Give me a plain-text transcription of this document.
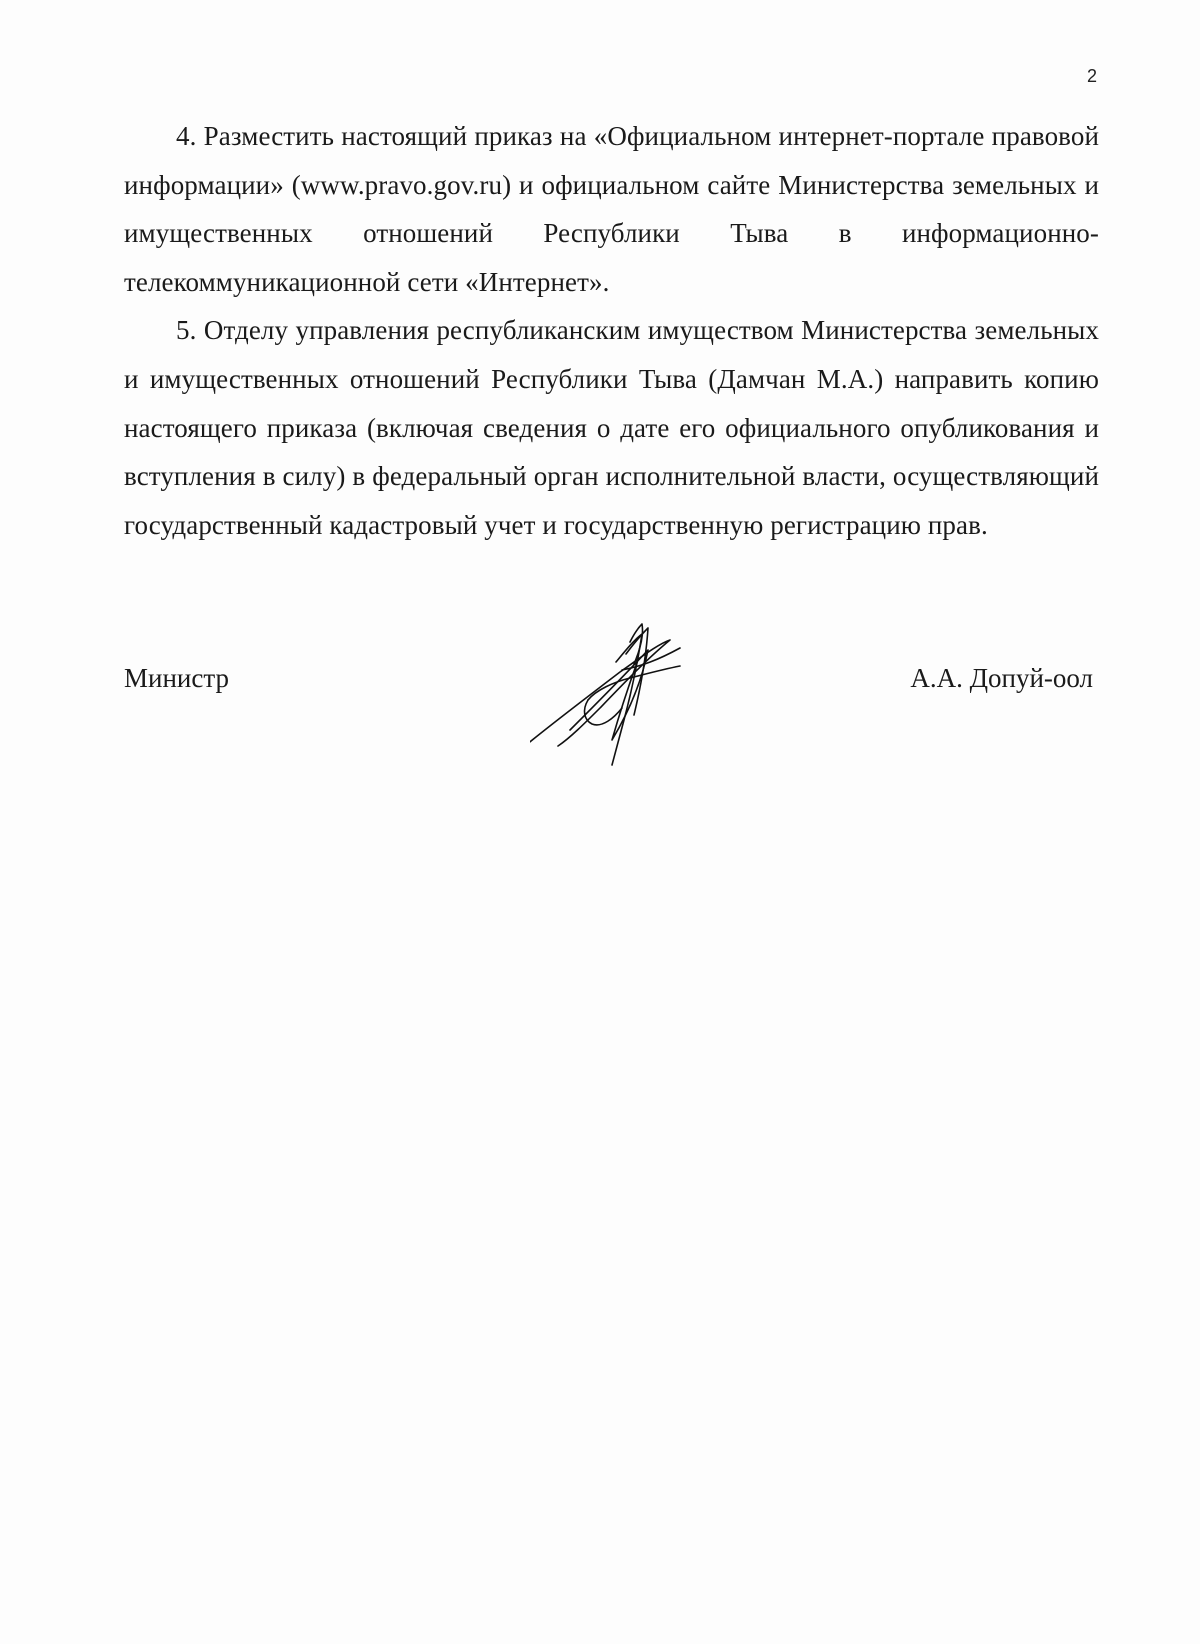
2

4. Разместить настоящий приказ на «Официальном интернет-портале правовой информации» (www.pravo.gov.ru) и официальном сайте Министерства земельных и имущественных отношений Республики Тыва в информационно-телекоммуникационной сети «Интернет».

5. Отделу управления республиканским имуществом Министерства земельных и имущественных отношений Республики Тыва (Дамчан М.А.) направить копию настоящего приказа (включая сведения о дате его официального опубликования и вступления в силу) в федеральный орган исполнительной власти, осуществляющий государственный кадастровый учет и государственную регистрацию прав.

Министр	А.А. Допуй-оол
